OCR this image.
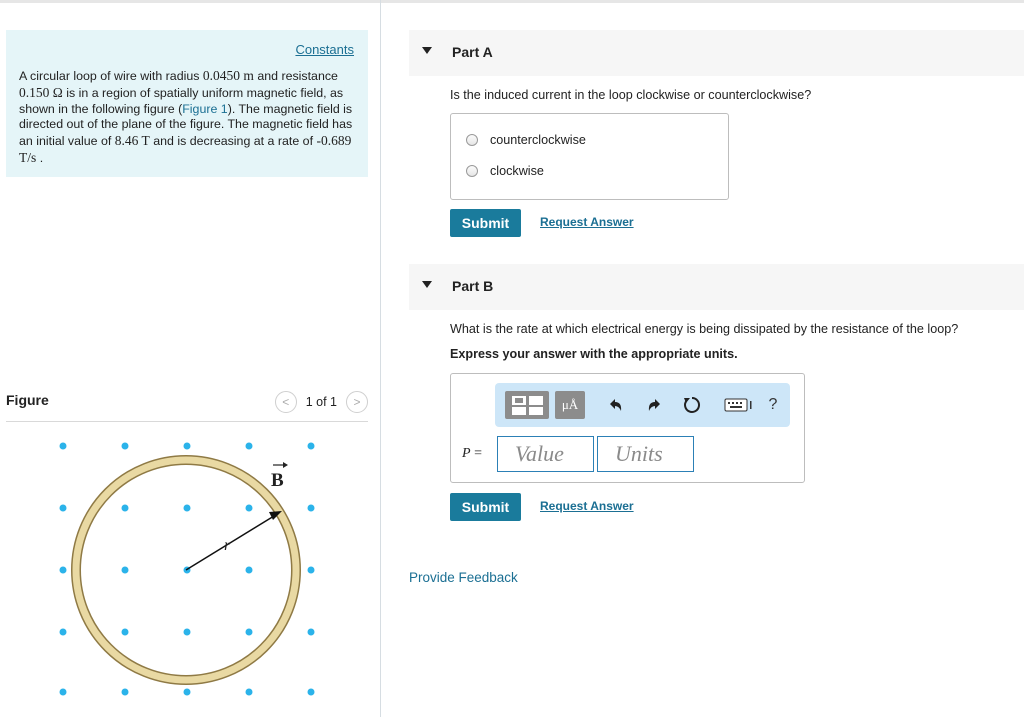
Constants
A circular loop of wire with radius 0.0450 m and resistance 0.150 Ω is in a region of spatially uniform magnetic field, as shown in the following figure (Figure 1). The magnetic field is directed out of the plane of the figure. The magnetic field has an initial value of 8.46 T and is decreasing at a rate of -0.689 T/s .
Figure	<	1 of 1	>
r
B
Part A
Is the induced current in the loop clockwise or counterclockwise?
counterclockwise
clockwise
Submit	Request Answer
Part B
What is the rate at which electrical energy is being dissipated by the resistance of the loop?
Express your answer with the appropriate units.
μÅ	?
P =
Value
Units
Submit	Request Answer
Provide Feedback
